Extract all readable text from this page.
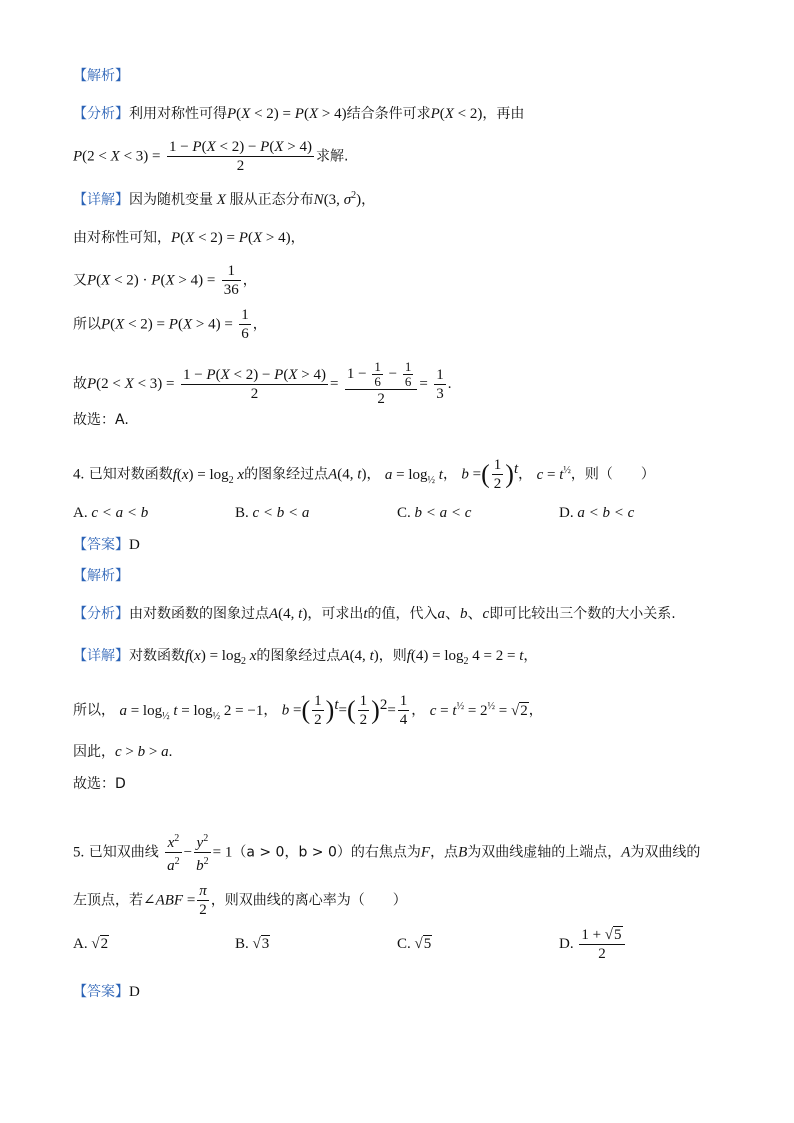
【解析】
【分析】利用对称性可得P(X < 2) = P(X > 4)结合条件可求P(X < 2)，再由
$P(2 < X < 3) = \frac{1 - P(X < 2) - P(X > 4)}{2}$ 求解.
【详解】因为随机变量 X 服从正态分布N(3, $\sigma^2$)，
由对称性可知，P(X < 2) = P(X > 4)，
又$P(X < 2) \cdot P(X > 4) = \frac{1}{36}$ ，
所以$P(X < 2) = P(X > 4) = \frac{1}{6}$ ，
故$P(2 < X < 3) = \frac{1 - P(X < 2) - P(X > 4)}{2} = \frac{1 - \frac{1}{6} - \frac{1}{6}}{2} = \frac{1}{3}$ .
故选：A.
4. 已知对数函数$f(x) = \log_2 x$的图象经过点A(4, t)， $a = \log_{\frac{1}{2}} t$， b =( $\frac{1}{2} )^t$， $c = t^{\frac{1}{2}}$，则（　　）
A. c < a < b	B. c < b < a	C. b < a < c	D. a < b < c
【答案】D
【解析】
【分析】由对数函数的图象过点A(4, t)，可求出t的值，代入a、b、c即可比较出三个数的大小关系.
【详解】对数函数$f(x) = \log_2 x$的图象经过点A(4, t)，则$f(4) = \log_2 4 = 2 = t$，
所以， $a = \log_{\frac{1}{2}} t = \log_{\frac{1}{2}} 2 = -1$， b =( $\frac{1}{2} )^t=( \frac{1}{2} )^2= \frac{1}{4}$ ， $c = t^{\frac{1}{2}} = 2^{\frac{1}{2}} = √2$，
因此，c > b > a.
故选：D
5. 已知双曲线 $\frac{x^2}{a^2} - \frac{y^2}{b^2} = 1(a > 0$，b > 0）的右焦点为F，点B为双曲线虚轴的上端点，A为双曲线的
左顶点，若∠ABF = $\frac{\pi}{2}$ ，则双曲线的离心率为（　　）
A. √2	B. √3	C. √5	D. $\frac{1 + √5}{2}$
【答案】D
